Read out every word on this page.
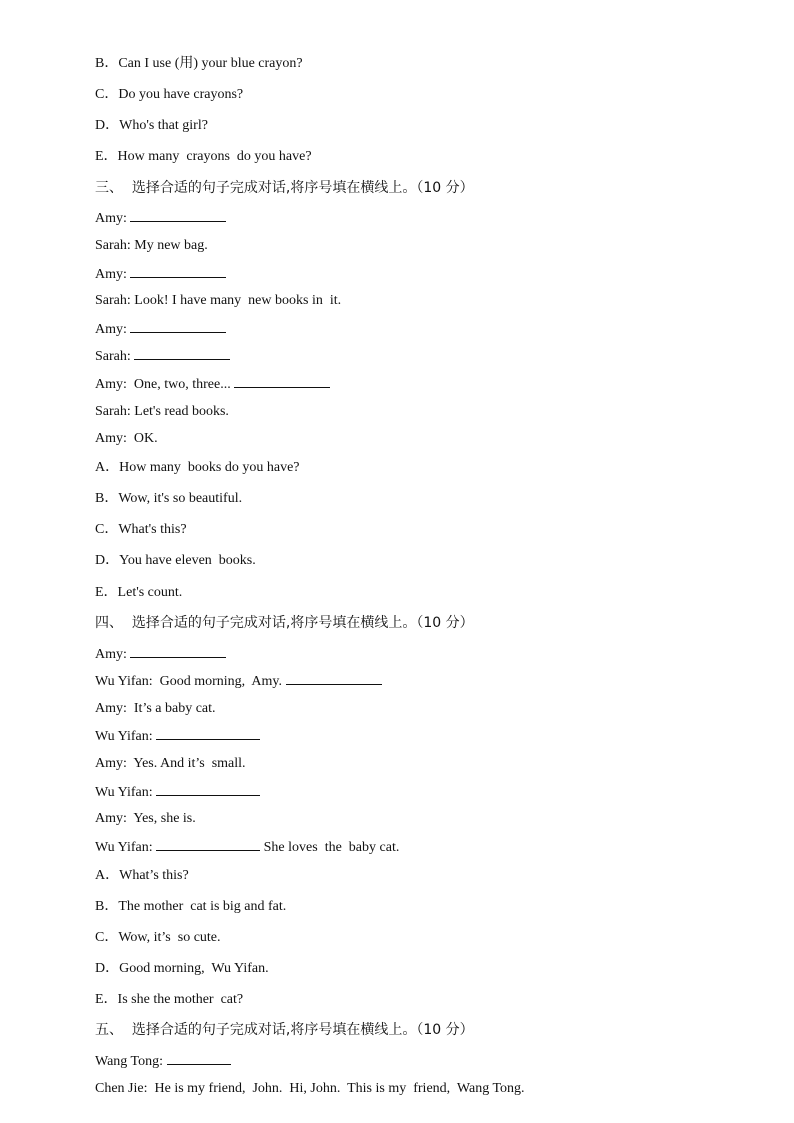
B．Can I use (用) your blue crayon?
C．Do you have crayons?
D．Who's that girl?
E．How many  crayons  do you have?
三、  选择合适的句子完成对话,将序号填在横线上。（10 分）
Amy:
Sarah: My new bag.
Amy:
Sarah: Look! I have many  new books in  it.
Amy:
Sarah:
Amy:  One, two, three...
Sarah: Let's read books.
Amy:  OK.
A．How many  books do you have?
B．Wow, it's so beautiful.
C．What's this?
D．You have eleven  books.
E．Let's count.
四、  选择合适的句子完成对话,将序号填在横线上。（10 分）
Amy:
Wu Yifan:  Good morning,  Amy.
Amy:  It’s a baby cat.
Wu Yifan:
Amy:  Yes. And it’s  small.
Wu Yifan:
Amy:  Yes, she is.
Wu Yifan:	She loves  the  baby cat.
A．What’s this?
B．The mother  cat is big and fat.
C．Wow, it’s  so cute.
D．Good morning,  Wu Yifan.
E．Is she the mother  cat?
五、  选择合适的句子完成对话,将序号填在横线上。（10 分）
Wang Tong:
Chen Jie:  He is my friend,  John.  Hi, John.  This is my  friend,  Wang Tong.
